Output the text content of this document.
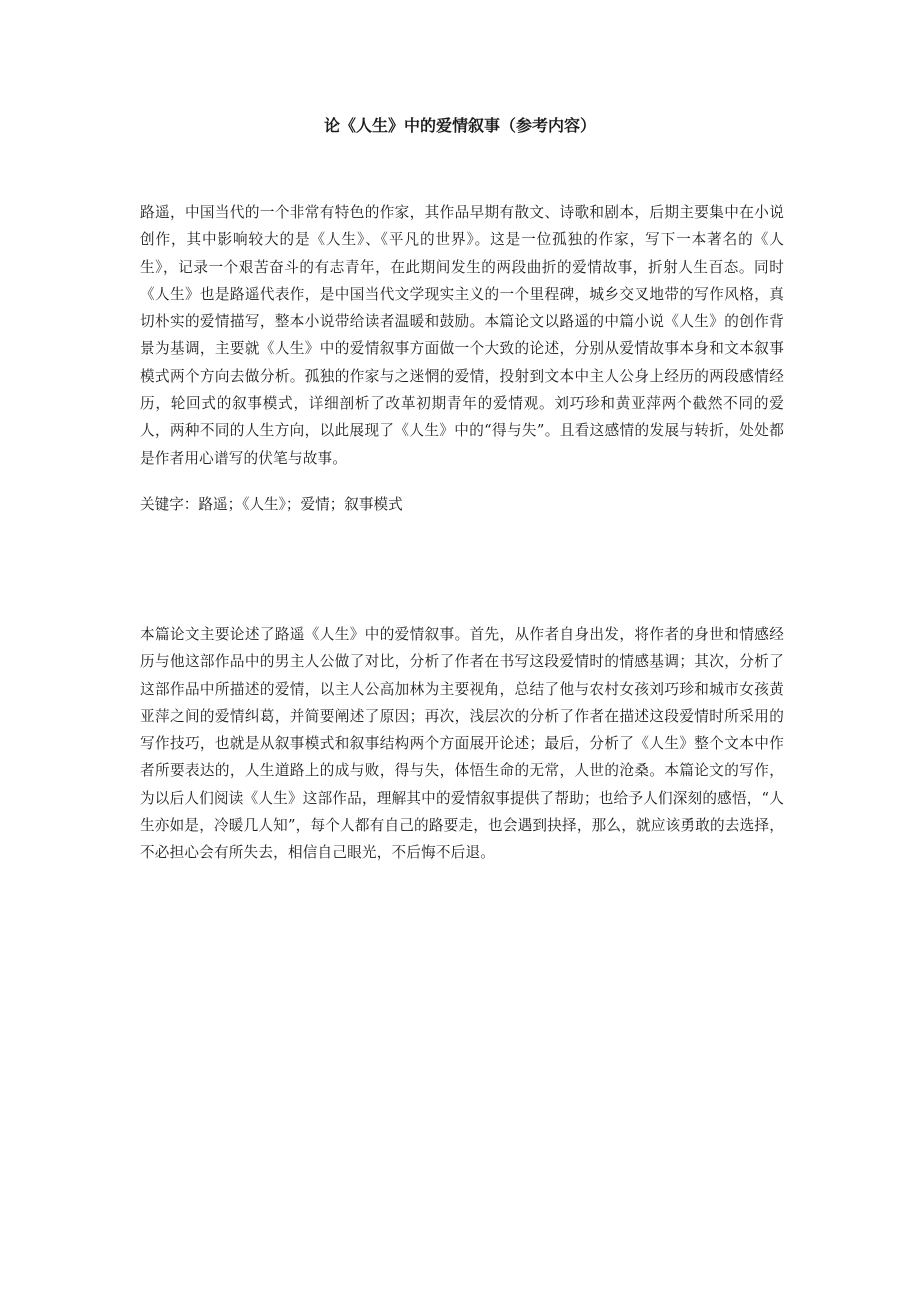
论《人生》中的爱情叙事（参考内容）

路遥，中国当代的一个非常有特色的作家，其作品早期有散文、诗歌和剧本，后期主要集中在小说创作，其中影响较大的是《人生》、《平凡的世界》。这是一位孤独的作家，写下一本著名的《人生》，记录一个艰苦奋斗的有志青年，在此期间发生的两段曲折的爱情故事，折射人生百态。同时《人生》也是路遥代表作，是中国当代文学现实主义的一个里程碑，城乡交叉地带的写作风格，真切朴实的爱情描写，整本小说带给读者温暖和鼓励。本篇论文以路遥的中篇小说《人生》的创作背景为基调，主要就《人生》中的爱情叙事方面做一个大致的论述，分别从爱情故事本身和文本叙事模式两个方向去做分析。孤独的作家与之迷惘的爱情，投射到文本中主人公身上经历的两段感情经历，轮回式的叙事模式，详细剖析了改革初期青年的爱情观。刘巧珍和黄亚萍两个截然不同的爱人，两种不同的人生方向，以此展现了《人生》中的“得与失”。且看这感情的发展与转折，处处都是作者用心谱写的伏笔与故事。

关键字：路遥；《人生》；爱情；叙事模式

本篇论文主要论述了路遥《人生》中的爱情叙事。首先，从作者自身出发，将作者的身世和情感经历与他这部作品中的男主人公做了对比，分析了作者在书写这段爱情时的情感基调；其次，分析了这部作品中所描述的爱情，以主人公高加林为主要视角，总结了他与农村女孩刘巧珍和城市女孩黄亚萍之间的爱情纠葛，并简要阐述了原因；再次，浅层次的分析了作者在描述这段爱情时所采用的写作技巧，也就是从叙事模式和叙事结构两个方面展开论述；最后，分析了《人生》整个文本中作者所要表达的，人生道路上的成与败，得与失，体悟生命的无常，人世的沧桑。本篇论文的写作，为以后人们阅读《人生》这部作品，理解其中的爱情叙事提供了帮助；也给予人们深刻的感悟，“人生亦如是，冷暖几人知”，每个人都有自己的路要走，也会遇到抉择，那么，就应该勇敢的去选择，不必担心会有所失去，相信自己眼光，不后悔不后退。
